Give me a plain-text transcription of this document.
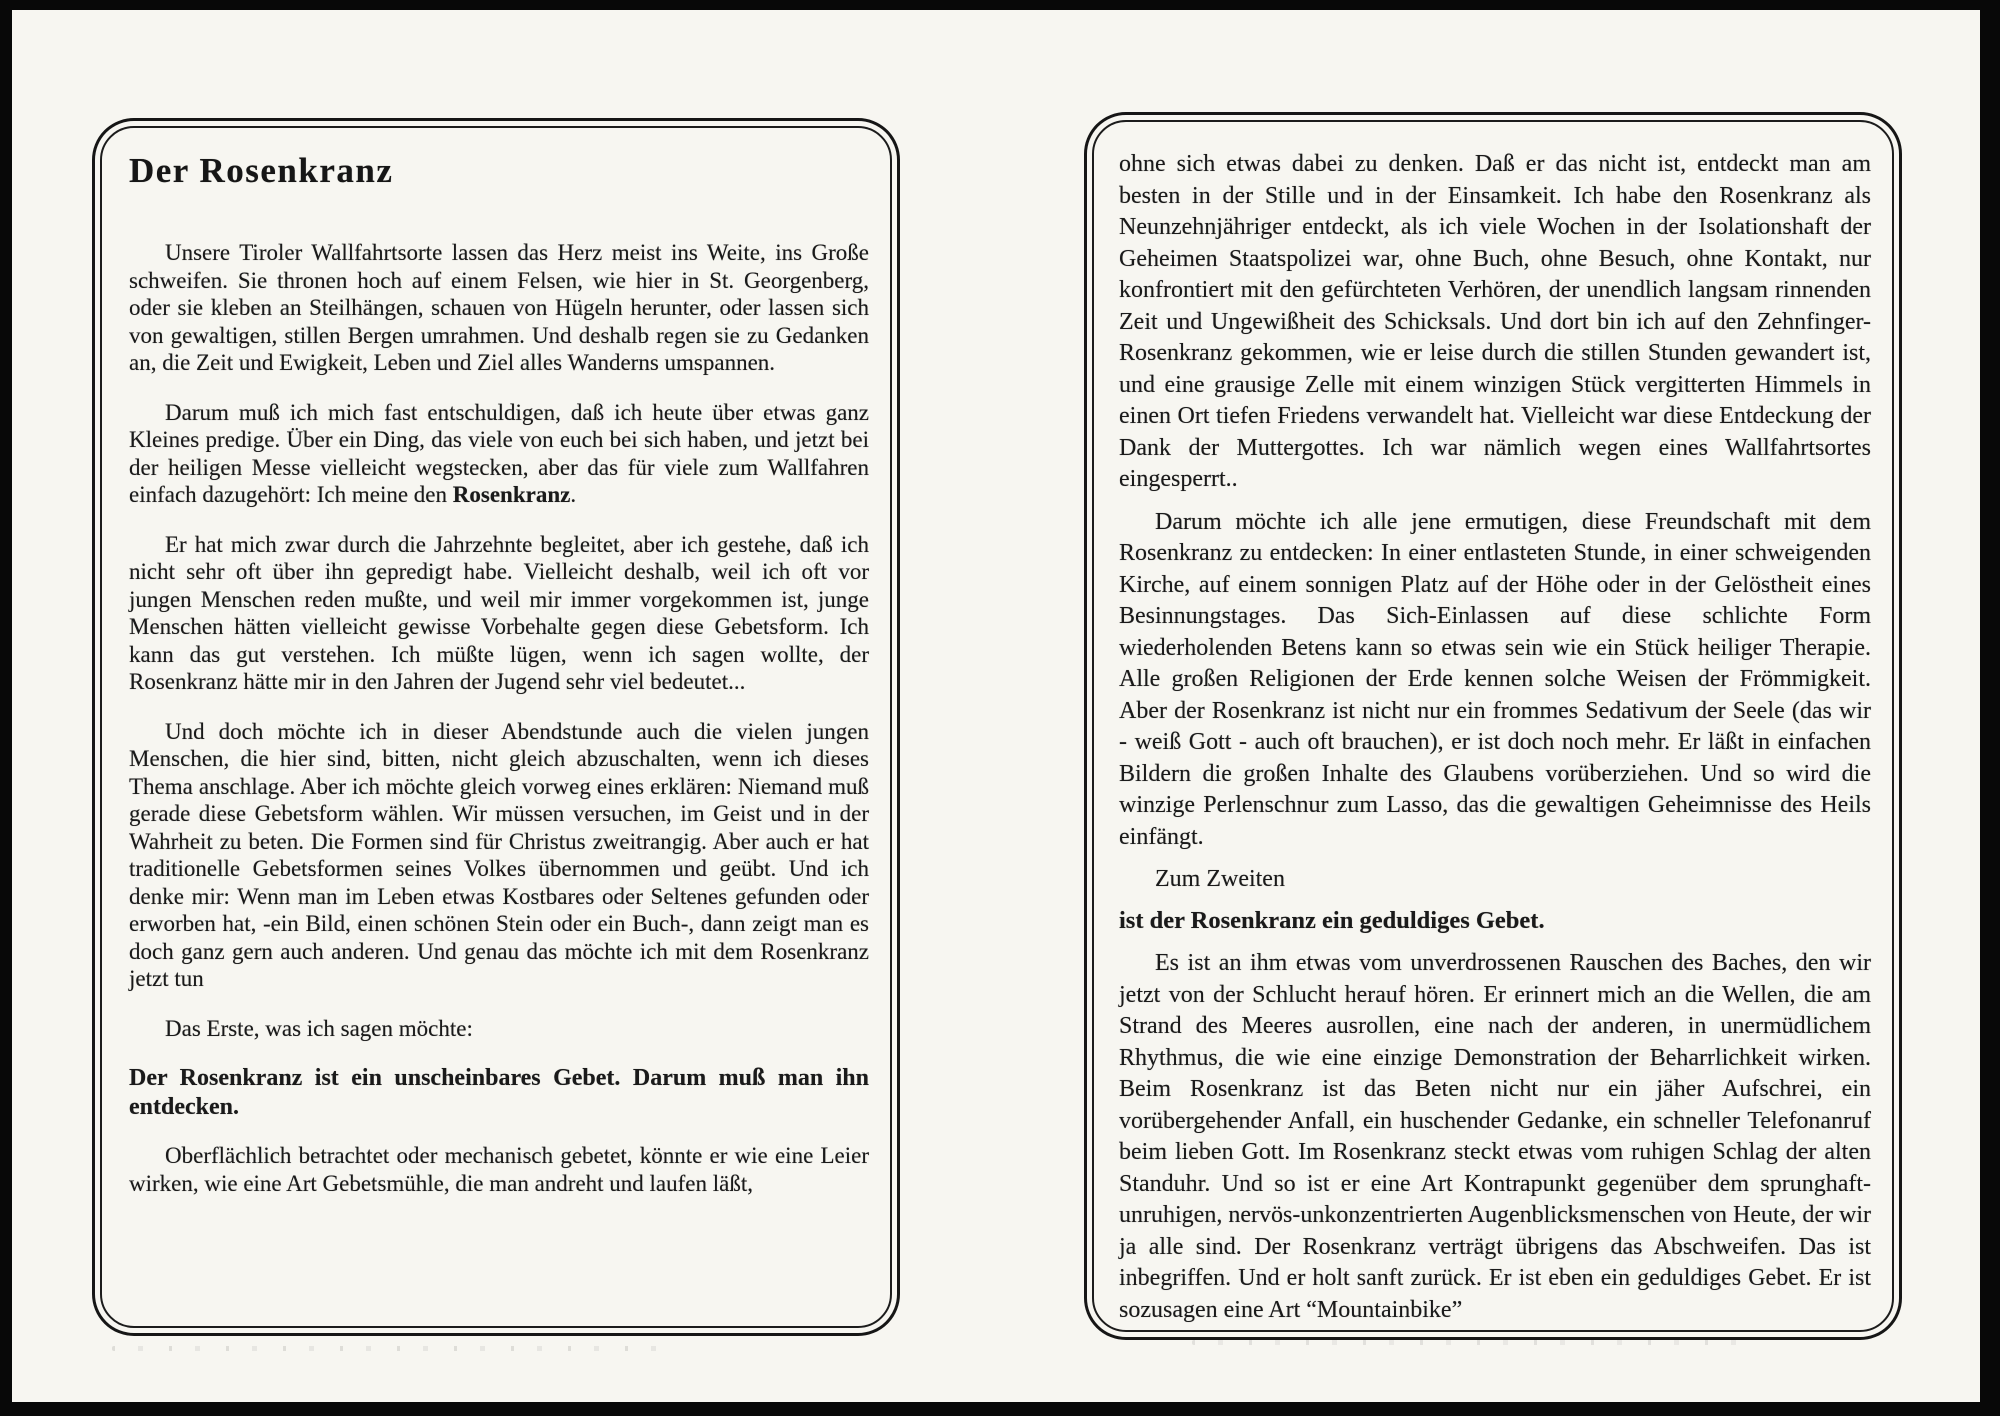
Der Rosenkranz

Unsere Tiroler Wallfahrtsorte lassen das Herz meist ins Weite, ins Große schweifen. Sie thronen hoch auf einem Felsen, wie hier in St. Georgenberg, oder sie kleben an Steilhängen, schauen von Hügeln herunter, oder lassen sich von gewaltigen, stillen Bergen umrahmen. Und deshalb regen sie zu Gedanken an, die Zeit und Ewigkeit, Leben und Ziel alles Wanderns umspannen.

Darum muß ich mich fast entschuldigen, daß ich heute über etwas ganz Kleines predige. Über ein Ding, das viele von euch bei sich haben, und jetzt bei der heiligen Messe vielleicht wegstecken, aber das für viele zum Wallfahren einfach dazugehört: Ich meine den Rosenkranz.

Er hat mich zwar durch die Jahrzehnte begleitet, aber ich gestehe, daß ich nicht sehr oft über ihn gepredigt habe. Vielleicht deshalb, weil ich oft vor jungen Menschen reden mußte, und weil mir immer vorgekommen ist, junge Menschen hätten vielleicht gewisse Vorbehalte gegen diese Gebetsform. Ich kann das gut verstehen. Ich müßte lügen, wenn ich sagen wollte, der Rosenkranz hätte mir in den Jahren der Jugend sehr viel bedeutet...

Und doch möchte ich in dieser Abendstunde auch die vielen jungen Menschen, die hier sind, bitten, nicht gleich abzuschalten, wenn ich dieses Thema anschlage. Aber ich möchte gleich vorweg eines erklären: Niemand muß gerade diese Gebetsform wählen. Wir müssen versuchen, im Geist und in der Wahrheit zu beten. Die Formen sind für Christus zweitrangig. Aber auch er hat traditionelle Gebetsformen seines Volkes übernommen und geübt. Und ich denke mir: Wenn man im Leben etwas Kostbares oder Seltenes gefunden oder erworben hat, -ein Bild, einen schönen Stein oder ein Buch-, dann zeigt man es doch ganz gern auch anderen. Und genau das möchte ich mit dem Rosenkranz jetzt tun

Das Erste, was ich sagen möchte:

Der Rosenkranz ist ein unscheinbares Gebet. Darum muß man ihn entdecken.

Oberflächlich betrachtet oder mechanisch gebetet, könnte er wie eine Leier wirken, wie eine Art Gebetsmühle, die man andreht und laufen läßt,

ohne sich etwas dabei zu denken. Daß er das nicht ist, entdeckt man am besten in der Stille und in der Einsamkeit. Ich habe den Rosenkranz als Neunzehnjähriger entdeckt, als ich viele Wochen in der Isolationshaft der Geheimen Staatspolizei war, ohne Buch, ohne Besuch, ohne Kontakt, nur konfrontiert mit den gefürchteten Verhören, der unendlich langsam rinnenden Zeit und Ungewißheit des Schicksals. Und dort bin ich auf den Zehnfinger-Rosenkranz gekommen, wie er leise durch die stillen Stunden gewandert ist, und eine grausige Zelle mit einem winzigen Stück vergitterten Himmels in einen Ort tiefen Friedens verwandelt hat. Vielleicht war diese Entdeckung der Dank der Muttergottes. Ich war nämlich wegen eines Wallfahrtsortes eingesperrt..

Darum möchte ich alle jene ermutigen, diese Freundschaft mit dem Rosenkranz zu entdecken: In einer entlasteten Stunde, in einer schweigenden Kirche, auf einem sonnigen Platz auf der Höhe oder in der Gelöstheit eines Besinnungstages. Das Sich-Einlassen auf diese schlichte Form wiederholenden Betens kann so etwas sein wie ein Stück heiliger Therapie. Alle großen Religionen der Erde kennen solche Weisen der Frömmigkeit. Aber der Rosenkranz ist nicht nur ein frommes Sedativum der Seele (das wir - weiß Gott - auch oft brauchen), er ist doch noch mehr. Er läßt in einfachen Bildern die großen Inhalte des Glaubens vorüberziehen. Und so wird die winzige Perlenschnur zum Lasso, das die gewaltigen Geheimnisse des Heils einfängt.

Zum Zweiten

ist der Rosenkranz ein geduldiges Gebet.

Es ist an ihm etwas vom unverdrossenen Rauschen des Baches, den wir jetzt von der Schlucht herauf hören. Er erinnert mich an die Wellen, die am Strand des Meeres ausrollen, eine nach der anderen, in unermüdlichem Rhythmus, die wie eine einzige Demonstration der Beharrlichkeit wirken. Beim Rosenkranz ist das Beten nicht nur ein jäher Aufschrei, ein vorübergehender Anfall, ein huschender Gedanke, ein schneller Telefonanruf beim lieben Gott. Im Rosenkranz steckt etwas vom ruhigen Schlag der alten Standuhr. Und so ist er eine Art Kontrapunkt gegenüber dem sprunghaft-unruhigen, nervös-unkonzentrierten Augenblicksmenschen von Heute, der wir ja alle sind. Der Rosenkranz verträgt übrigens das Abschweifen. Das ist inbegriffen. Und er holt sanft zurück. Er ist eben ein geduldiges Gebet. Er ist sozusagen eine Art “Mountainbike”
